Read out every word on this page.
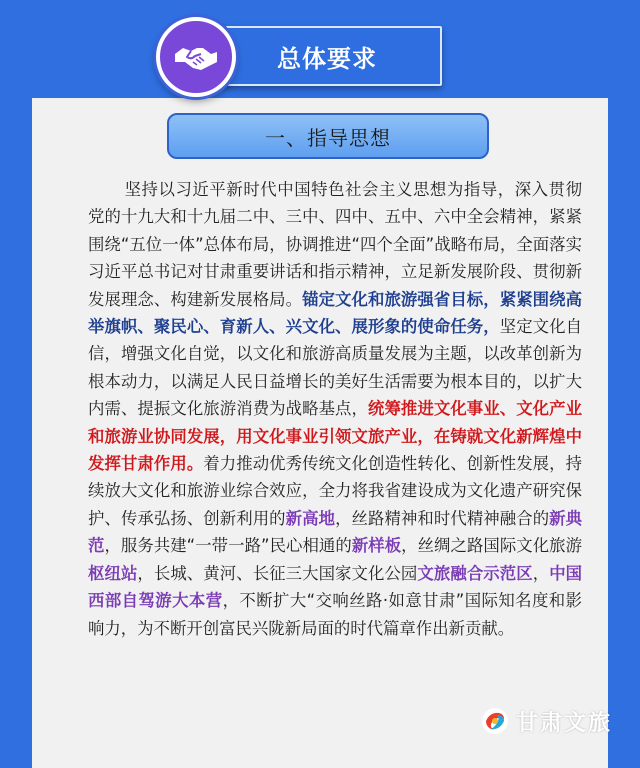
总体要求
一、指导思想

坚持以习近平新时代中国特色社会主义思想为指导，深入贯彻党的十九大和十九届二中、三中、四中、五中、六中全会精神，紧紧围绕“五位一体”总体布局，协调推进“四个全面”战略布局，全面落实习近平总书记对甘肃重要讲话和指示精神，立足新发展阶段、贯彻新发展理念、构建新发展格局。锚定文化和旅游强省目标，紧紧围绕高举旗帜、聚民心、育新人、兴文化、展形象的使命任务，坚定文化自信，增强文化自觉，以文化和旅游高质量发展为主题，以改革创新为根本动力，以满足人民日益增长的美好生活需要为根本目的，以扩大内需、提振文化旅游消费为战略基点，统筹推进文化事业、文化产业和旅游业协同发展，用文化事业引领文旅产业，在铸就文化新辉煌中发挥甘肃作用。着力推动优秀传统文化创造性转化、创新性发展，持续放大文化和旅游业综合效应，全力将我省建设成为文化遗产研究保护、传承弘扬、创新利用的新高地，丝路精神和时代精神融合的新典范，服务共建“一带一路”民心相通的新样板，丝绸之路国际文化旅游枢纽站，长城、黄河、长征三大国家文化公园文旅融合示范区，中国西部自驾游大本营，不断扩大“交响丝路·如意甘肃”国际知名度和影响力，为不断开创富民兴陇新局面的时代篇章作出新贡献。

甘肃文旅
